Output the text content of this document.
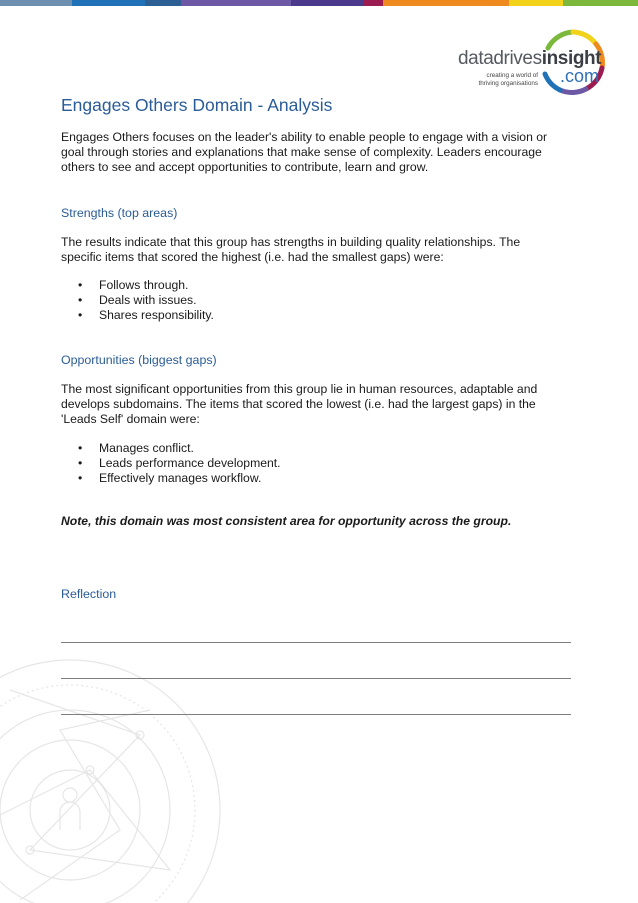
datadrivesinsight
creating a world of
thriving organisations .com
Engages Others Domain - Analysis

Engages Others focuses on the leader's ability to enable people to engage with a vision or goal through stories and explanations that make sense of complexity. Leaders encourage others to see and accept opportunities to contribute, learn and grow.

Strengths (top areas)

The results indicate that this group has strengths in building quality relationships. The specific items that scored the highest (i.e. had the smallest gaps) were:

• Follows through.
• Deals with issues.
• Shares responsibility.
Opportunities (biggest gaps)

The most significant opportunities from this group lie in human resources, adaptable and develops subdomains. The items that scored the lowest (i.e. had the largest gaps) in the 'Leads Self' domain were:

• Manages conflict.
• Leads performance development.
• Effectively manages workflow.
Note, this domain was most consistent area for opportunity across the group.
Reflection
